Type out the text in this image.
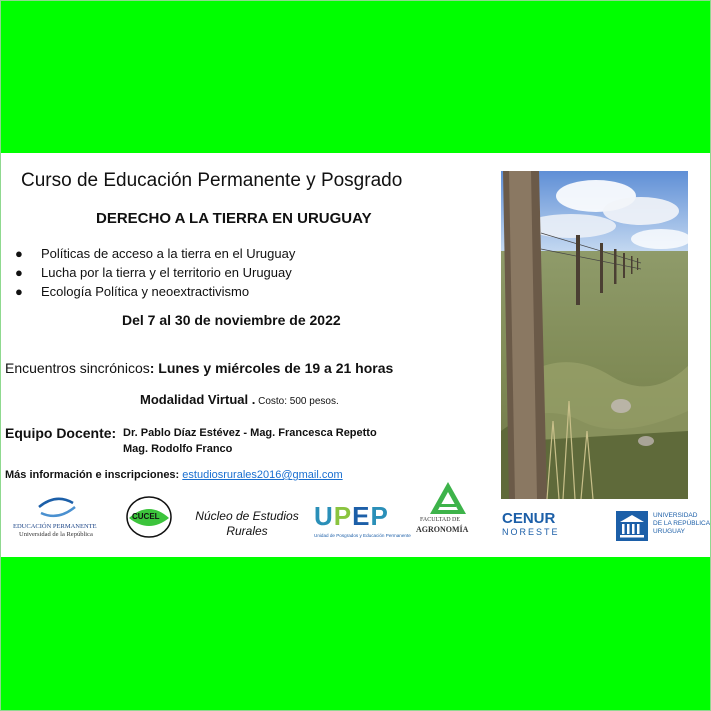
Curso de Educación Permanente y Posgrado
DERECHO A LA TIERRA EN URUGUAY
● Políticas de acceso a la tierra en el Uruguay
● Lucha por la tierra y el territorio en Uruguay
● Ecología Política y neoextractivismo
Del 7 al 30 de noviembre de 2022
Encuentros sincrónicos: Lunes y miércoles de 19 a 21 horas
Modalidad Virtual . Costo: 500 pesos.
Equipo Docente: Dr. Pablo Díaz Estévez - Mag. Francesca Repetto
Mag. Rodolfo Franco
Más información e inscripciones: estudiosrurales2016@gmail.com
EDUCACIÓN PERMANENTE
Universidad de la República
CUCEL	Núcleo de Estudios
Rurales	UPEP
Unidad de Posgrados y Educación Permanente
FACULTAD DE
AGRONOMÍA
CENUR
NORESTE
UNIVERSIDAD
DE LA REPÚBLICA
URUGUAY
